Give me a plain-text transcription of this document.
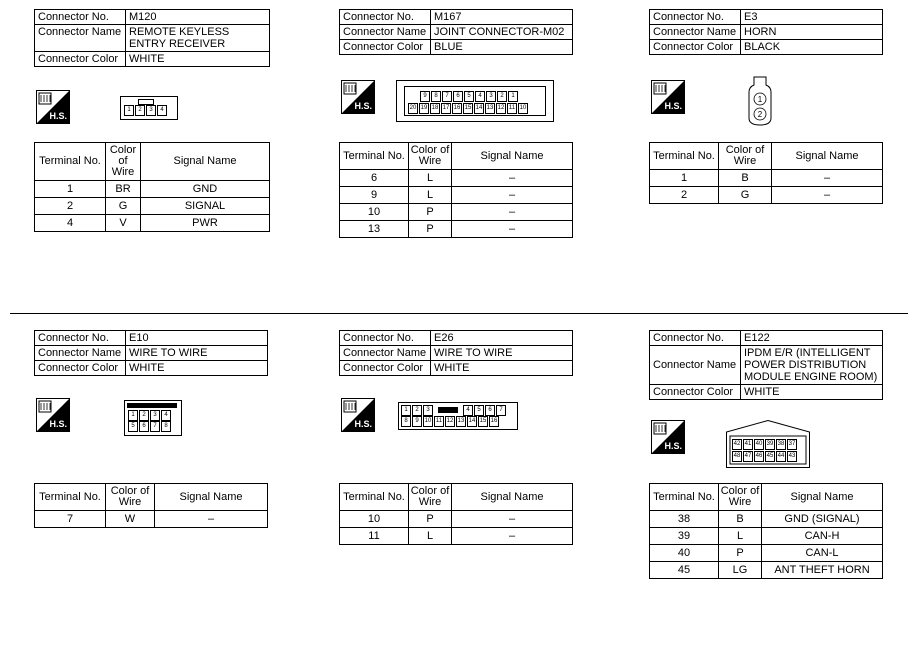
Connector No.	M120
Connector Name	REMOTE KEYLESS ENTRY RECEIVER
Connector Color	WHITE
H.S.
1	2	3	4
Terminal No.	Color of Wire	Signal Name
1	BR	GND
2	G	SIGNAL
4	V	PWR
Connector No.	M167
Connector Name	JOINT CONNECTOR-M02
Connector Color	BLUE
H.S.
9	8	7	6	5	4	3	2	1
20 19 18 17 16 15 14 13 12 11 10
Terminal No.	Color of Wire	Signal Name
6	L	–
9	L	–
10	P	–
13	P	–
Connector No.	E3
Connector Name	HORN
Connector Color	BLACK
H.S.
1
2
Terminal No.	Color of Wire	Signal Name
1	B	–
2	G	–
Connector No.	E10
Connector Name	WIRE TO WIRE
Connector Color	WHITE
H.S.
1	2	3	4
5	6	7	8
Terminal No.	Color of Wire	Signal Name
7	W	–
Connector No.	E26
Connector Name	WIRE TO WIRE
Connector Color	WHITE
H.S.
1	2	3	4	5	6	7
8	9 10 11 12 13 14 15 16
Terminal No.	Color of Wire	Signal Name
10	P	–
11	L	–
Connector No.	E122
Connector Name	IPDM E/R (INTELLIGENT POWER DISTRIBUTION MODULE ENGINE ROOM)
Connector Color	WHITE
H.S.	42 41 40 39 38 37
48 47 46 45 44 43
Terminal No.	Color of Wire	Signal Name
38	B	GND (SIGNAL)
39	L	CAN-H
40	P	CAN-L
45	LG	ANT THEFT HORN
